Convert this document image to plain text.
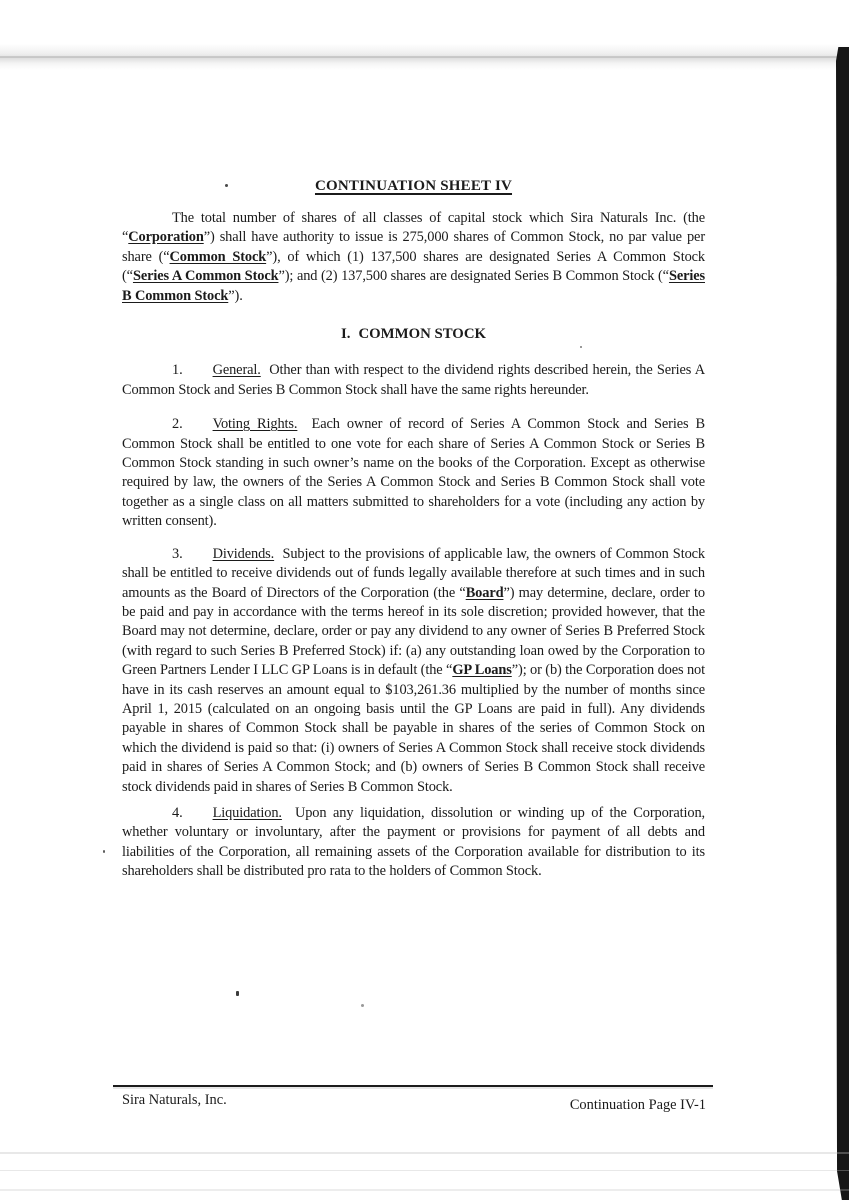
CONTINUATION SHEET IV

The total number of shares of all classes of capital stock which Sira Naturals Inc. (the “Corporation”) shall have authority to issue is 275,000 shares of Common Stock, no par value per share (“Common Stock”), of which (1) 137,500 shares are designated Series A Common Stock (“Series A Common Stock”); and (2) 137,500 shares are designated Series B Common Stock (“Series B Common Stock”).

I. COMMON STOCK

1. General.  Other than with respect to the dividend rights described herein, the Series A Common Stock and Series B Common Stock shall have the same rights hereunder.

2. Voting Rights.  Each owner of record of Series A Common Stock and Series B Common Stock shall be entitled to one vote for each share of Series A Common Stock or Series B Common Stock standing in such owner’s name on the books of the Corporation. Except as otherwise required by law, the owners of the Series A Common Stock and Series B Common Stock shall vote together as a single class on all matters submitted to shareholders for a vote (including any action by written consent).

3. Dividends.  Subject to the provisions of applicable law, the owners of Common Stock shall be entitled to receive dividends out of funds legally available therefore at such times and in such amounts as the Board of Directors of the Corporation (the “Board”) may determine, declare, order to be paid and pay in accordance with the terms hereof in its sole discretion; provided however, that the Board may not determine, declare, order or pay any dividend to any owner of Series B Preferred Stock (with regard to such Series B Preferred Stock) if: (a) any outstanding loan owed by the Corporation to Green Partners Lender I LLC GP Loans is in default (the “GP Loans”); or (b) the Corporation does not have in its cash reserves an amount equal to $103,261.36 multiplied by the number of months since April 1, 2015 (calculated on an ongoing basis until the GP Loans are paid in full). Any dividends payable in shares of Common Stock shall be payable in shares of the series of Common Stock on which the dividend is paid so that: (i) owners of Series A Common Stock shall receive stock dividends paid in shares of Series A Common Stock; and (b) owners of Series B Common Stock shall receive stock dividends paid in shares of Series B Common Stock.

4. Liquidation.  Upon any liquidation, dissolution or winding up of the Corporation, whether voluntary or involuntary, after the payment or provisions for payment of all debts and liabilities of the Corporation, all remaining assets of the Corporation available for distribution to its shareholders shall be distributed pro rata to the holders of Common Stock.

Sira Naturals, Inc.	Continuation Page IV-1
